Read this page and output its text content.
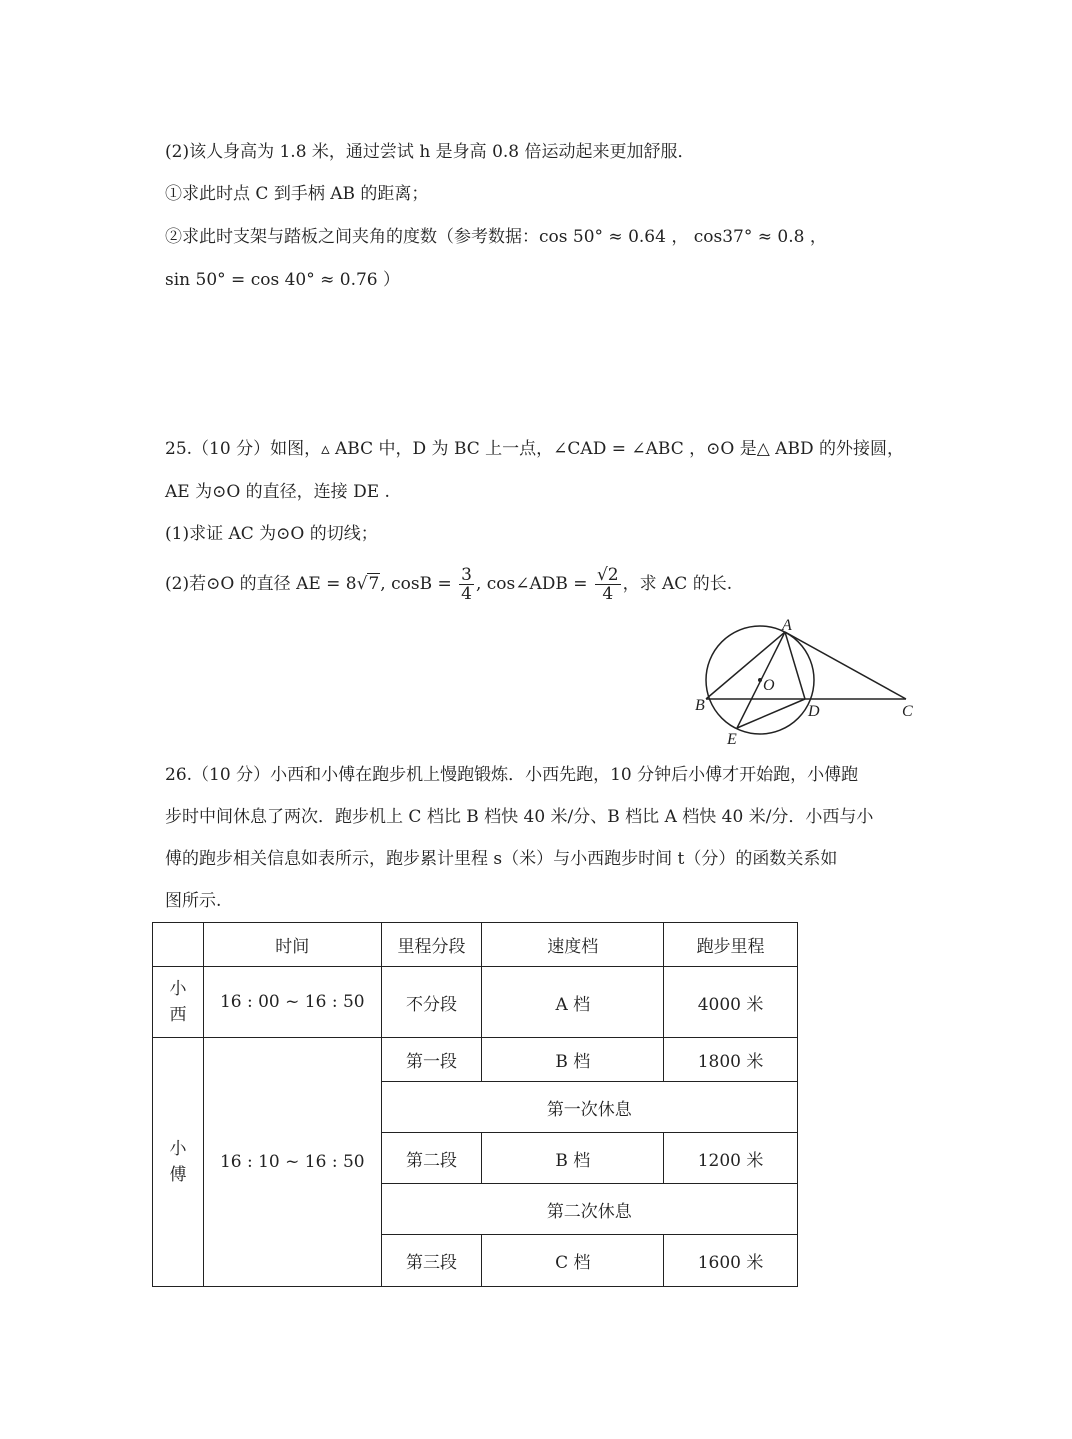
(2)该人身高为 1.8 米，通过尝试 h 是身高 0.8 倍运动起来更加舒服．
①求此时点 C 到手柄 AB 的距离；
②求此时支架与踏板之间夹角的度数（参考数据：cos 50° ≈ 0.64 ， cos37° ≈ 0.8 ，
sin 50° = cos 40° ≈ 0.76 ）
25.（10 分）如图，▵ ABC 中，D 为 BC 上一点，∠CAD = ∠ABC ，⊙O 是△ ABD 的外接圆，
AE 为⊙O 的直径，连接 DE .
(1)求证 AC 为⊙O 的切线；
(2)若⊙O 的直径 AE = 8√7, $\cos B = \frac{3}{4}$ , cos∠ADB = $\frac{√2}{4}$ ，求 AC 的长.
A
O
B	D	C
E
26.（10 分）小西和小傅在跑步机上慢跑锻炼．小西先跑，10 分钟后小傅才开始跑，小傅跑
步时中间休息了两次．跑步机上 C 档比 B 档快 40 米/分、B 档比 A 档快 40 米/分．小西与小
傅的跑步相关信息如表所示，跑步累计里程 s（米）与小西跑步时间 t（分）的函数关系如
图所示.
	时间	里程分段	速度档	跑步里程
小
西	16 : 00 ~ 16 : 50	不分段	A 档	4000 米
小
傅	16 : 10 ~ 16 : 50	第一段	B 档	1800 米
		第一次休息		
		第二段	B 档	1200 米
		第二次休息		
		第三段	C 档	1600 米
